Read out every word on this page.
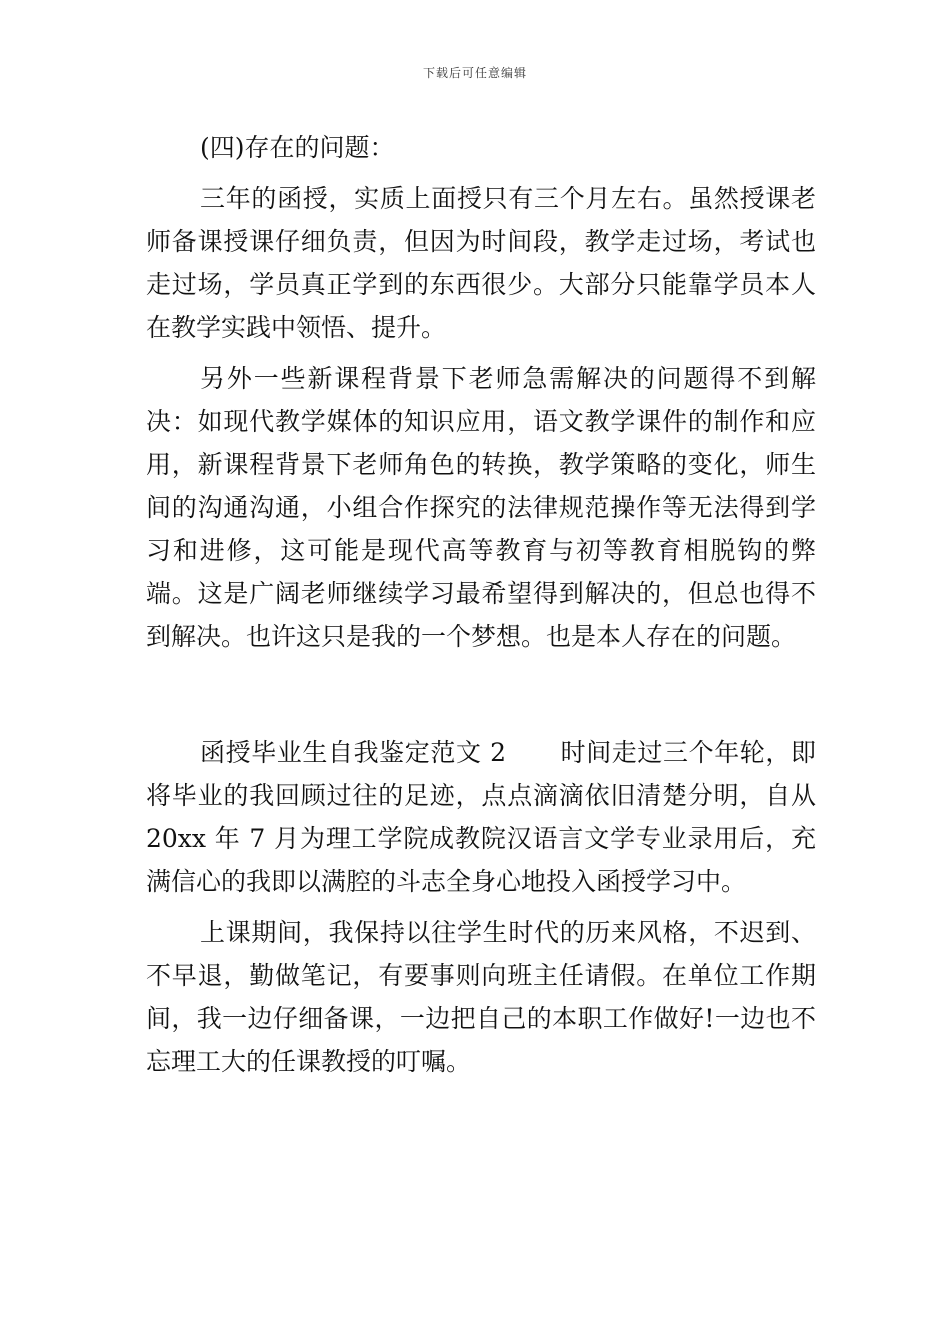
下载后可任意编辑

(四)存在的问题：

三年的函授，实质上面授只有三个月左右。虽然授课老师备课授课仔细负责，但因为时间段，教学走过场，考试也走过场，学员真正学到的东西很少。大部分只能靠学员本人在教学实践中领悟、提升。

另外一些新课程背景下老师急需解决的问题得不到解决：如现代教学媒体的知识应用，语文教学课件的制作和应用，新课程背景下老师角色的转换，教学策略的变化，师生间的沟通沟通，小组合作探究的法律规范操作等无法得到学习和进修，这可能是现代高等教育与初等教育相脱钩的弊端。这是广阔老师继续学习最希望得到解决的，但总也得不到解决。也许这只是我的一个梦想。也是本人存在的问题。

函授毕业生自我鉴定范文 2 时间走过三个年轮，即将毕业的我回顾过往的足迹，点点滴滴依旧清楚分明，自从 20xx 年 7 月为理工学院成教院汉语言文学专业录用后，充满信心的我即以满腔的斗志全身心地投入函授学习中。

上课期间，我保持以往学生时代的历来风格，不迟到、不早退，勤做笔记，有要事则向班主任请假。在单位工作期间，我一边仔细备课，一边把自己的本职工作做好!一边也不忘理工大的任课教授的叮嘱。
